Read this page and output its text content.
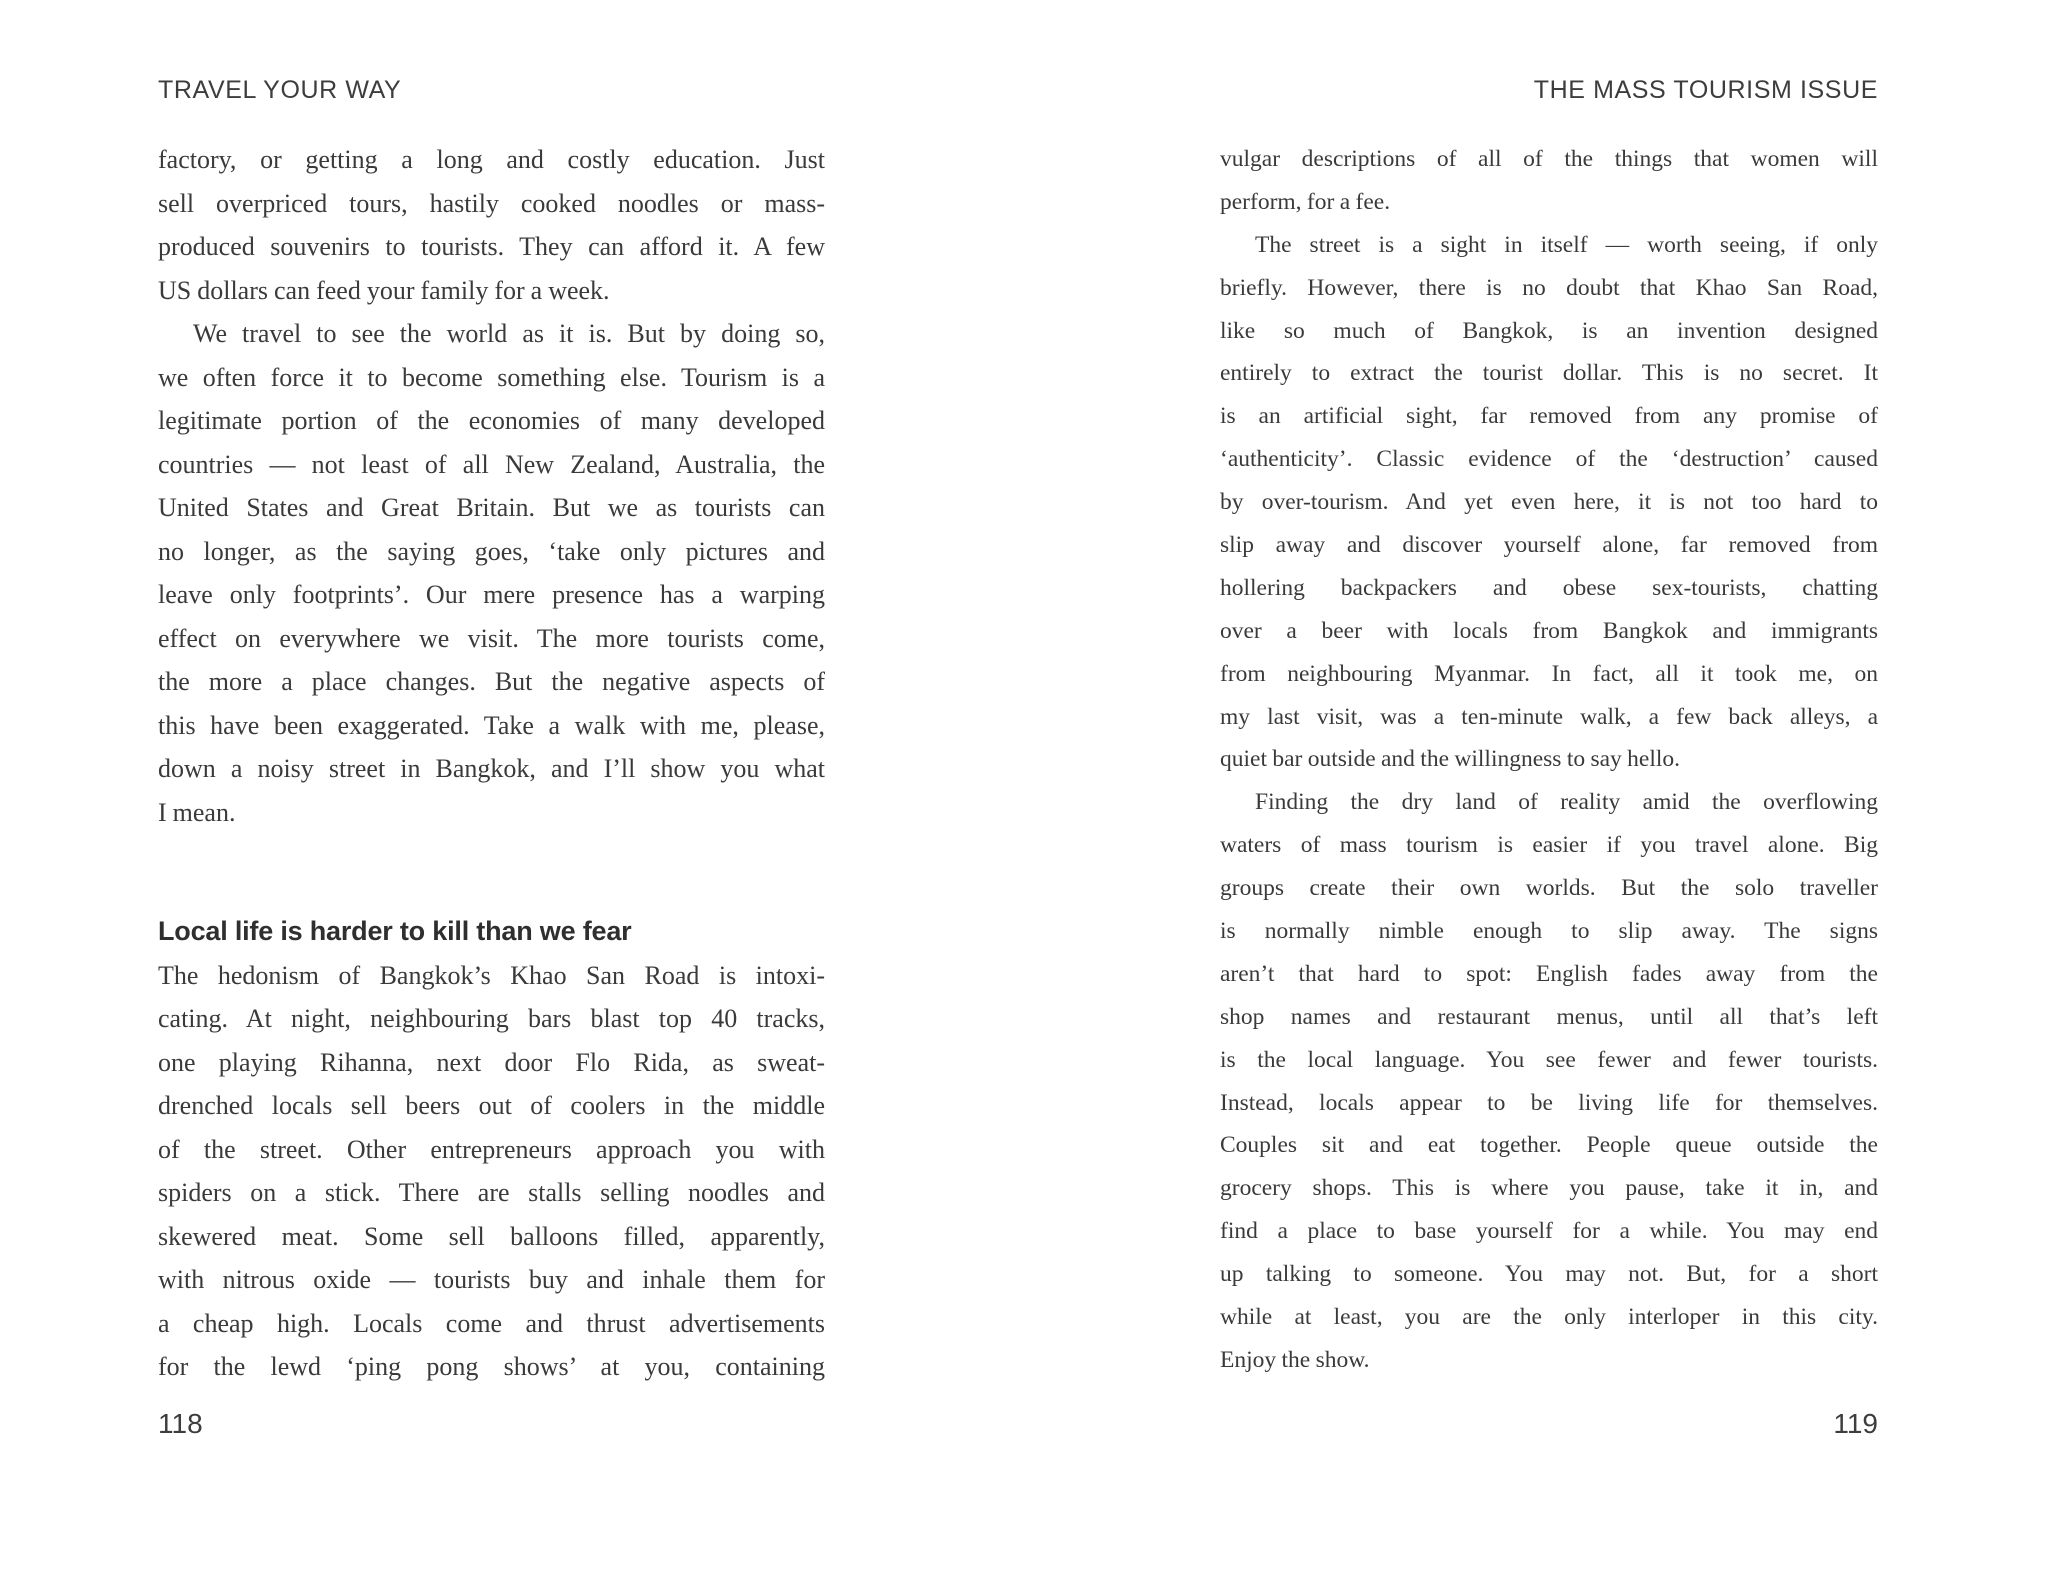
TRAVEL YOUR WAY	THE MASS TOURISM ISSUE
factory, or getting a long and costly education. Just
sell overpriced tours, hastily cooked noodles or mass-
produced souvenirs to tourists. They can afford it. A few
US dollars can feed your family for a week.
We travel to see the world as it is. But by doing so,
we often force it to become something else. Tourism is a
legitimate portion of the economies of many developed
countries — not least of all New Zealand, Australia, the
United States and Great Britain. But we as tourists can
no longer, as the saying goes, ‘take only pictures and
leave only footprints’. Our mere presence has a warping
effect on everywhere we visit. The more tourists come,
the more a place changes. But the negative aspects of
this have been exaggerated. Take a walk with me, please,
down a noisy street in Bangkok, and I’ll show you what
I mean.
Local life is harder to kill than we fear
The hedonism of Bangkok’s Khao San Road is intoxi-
cating. At night, neighbouring bars blast top 40 tracks,
one playing Rihanna, next door Flo Rida, as sweat-
drenched locals sell beers out of coolers in the middle
of the street. Other entrepreneurs approach you with
spiders on a stick. There are stalls selling noodles and
skewered meat. Some sell balloons filled, apparently,
with nitrous oxide — tourists buy and inhale them for
a cheap high. Locals come and thrust advertisements
for the lewd ‘ping pong shows’ at you, containing
vulgar descriptions of all of the things that women will
perform, for a fee.
The street is a sight in itself — worth seeing, if only
briefly. However, there is no doubt that Khao San Road,
like so much of Bangkok, is an invention designed
entirely to extract the tourist dollar. This is no secret. It
is an artificial sight, far removed from any promise of
‘authenticity’. Classic evidence of the ‘destruction’ caused
by over-tourism. And yet even here, it is not too hard to
slip away and discover yourself alone, far removed from
hollering backpackers and obese sex-tourists, chatting
over a beer with locals from Bangkok and immigrants
from neighbouring Myanmar. In fact, all it took me, on
my last visit, was a ten-minute walk, a few back alleys, a
quiet bar outside and the willingness to say hello.
Finding the dry land of reality amid the overflowing
waters of mass tourism is easier if you travel alone. Big
groups create their own worlds. But the solo traveller
is normally nimble enough to slip away. The signs
aren’t that hard to spot: English fades away from the
shop names and restaurant menus, until all that’s left
is the local language. You see fewer and fewer tourists.
Instead, locals appear to be living life for themselves.
Couples sit and eat together. People queue outside the
grocery shops. This is where you pause, take it in, and
find a place to base yourself for a while. You may end
up talking to someone. You may not. But, for a short
while at least, you are the only interloper in this city.
Enjoy the show.
118	119
